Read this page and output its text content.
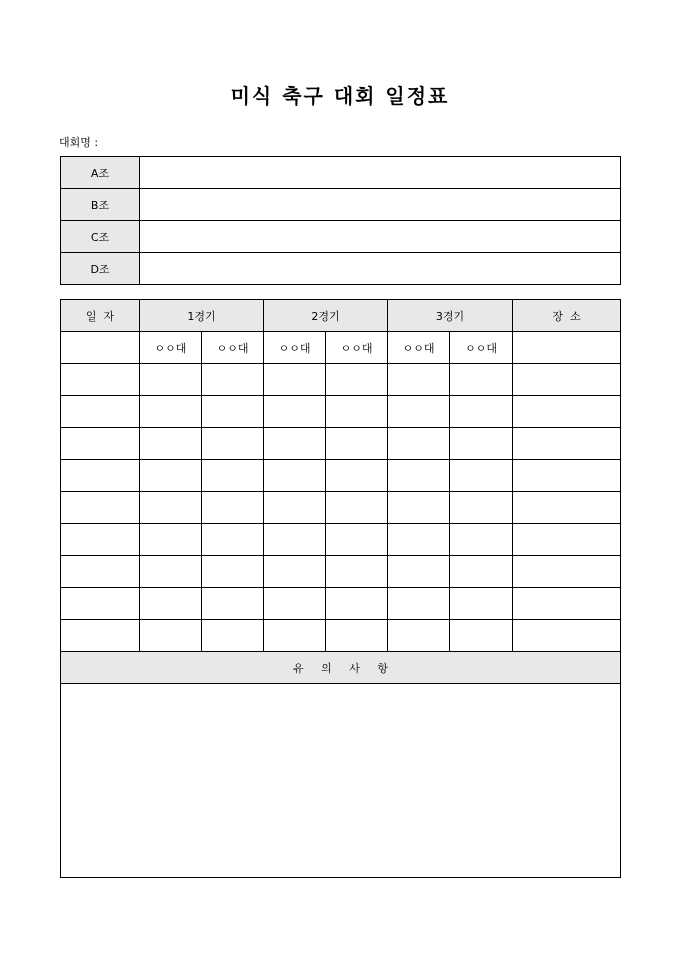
미식 축구 대회 일정표
대회명 :
A조	
B조	
C조	
D조	
일  자	1경기		2경기		3경기		장  소
	ㅇㅇ대	ㅇㅇ대	ㅇㅇ대	ㅇㅇ대	ㅇㅇ대	ㅇㅇ대	

유     의     사     항							
